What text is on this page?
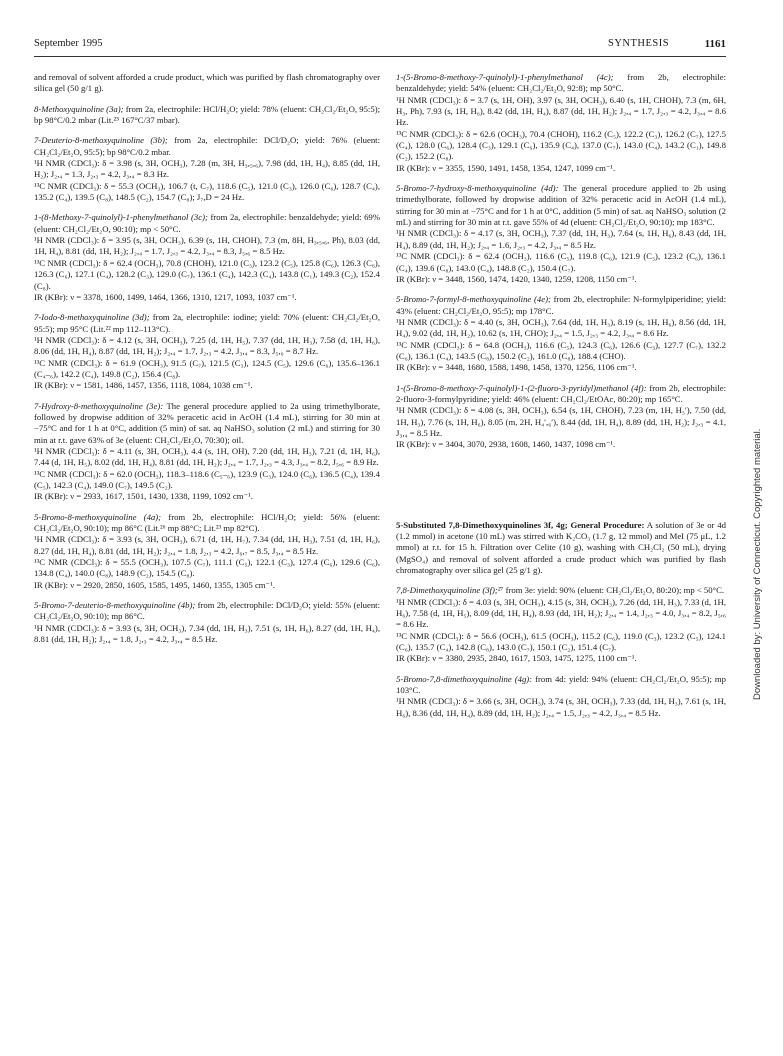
September 1995	SYNTHESIS	1161

and removal of solvent afforded a crude product, which was purified by flash chromatography over silica gel (50 g/1 g).

8-Methoxyquinoline (3a); from 2a, electrophile: HCl/H₂O; yield: 78% (eluent: CH₂Cl₂/Et₂O, 95:5); bp 98°C/0.2 mbar (Lit.²⁵ 167°C/37 mbar).

7-Deuterio-8-methoxyquinoline (3b); from 2a, electrophile: DCl/D₂O; yield: 76% (eluent: CH₂Cl₂/Et₂O, 95:5); bp 98°C/0.2 mbar.

¹H NMR (CDCl₃): δ = 3.98 (s, 3H, OCH₃), 7.28 (m, 3H, H₃,₅,₆), 7.98 (dd, 1H, H₄), 8.85 (dd, 1H, H₂); J₂,₄ = 1.3, J₂,₃ = 4.2, J₃,₄ = 8.3 Hz.

¹³C NMR (CDCl₃): δ = 55.3 (OCH₃), 106.7 (t, C₇), 118.6 (C₅), 121.0 (C₃), 126.0 (C₆), 128.7 (C₄), 135.2 (C₄), 139.5 (C₈), 148.5 (C₂), 154.7 (C₈); J₇,D = 24 Hz.

1-(8-Methoxy-7-quinolyl)-1-phenylmethanol (3c); from 2a, electrophile: benzaldehyde; yield: 69% (eluent: CH₂Cl₂/Et₂O, 90:10); mp < 50°C.

¹H NMR (CDCl₃): δ = 3.95 (s, 3H, OCH₃), 6.39 (s, 1H, CHOH), 7.3 (m, 8H, H₃,₅,₆, Ph), 8.03 (dd, 1H, H₄), 8.81 (dd, 1H, H₂); J₂,₄ = 1.7, J₂,₃ = 4.2, J₃,₄ = 8.3, J₅,₆ = 8.5 Hz.

¹³C NMR (CDCl₃): δ = 62.4 (OCH₃), 70.8 (CHOH), 121.0 (C₃), 123.2 (C₅), 125.8 (C₆), 126.3 (C₆), 126.3 (C₆), 127.1 (C₄), 128.2 (C₃), 129.0 (C₇), 136.1 (C₄), 142.3 (C₄), 143.8 (C₁), 149.3 (C₂), 152.4 (C₈).

IR (KBr): ν = 3378, 1600, 1499, 1464, 1366, 1310, 1217, 1093, 1037 cm⁻¹.

7-Iodo-8-methoxyquinoline (3d); from 2a, electrophile: iodine; yield: 70% (eluent: CH₂Cl₂/Et₂O, 95:5); mp 95°C (Lit.²² mp 112–113°C).

¹H NMR (CDCl₃): δ = 4.12 (s, 3H, OCH₃), 7.25 (d, 1H, H₅), 7.37 (dd, 1H, H₃), 7.58 (d, 1H, H₆), 8.06 (dd, 1H, H₄), 8.87 (dd, 1H, H₂); J₂,₄ = 1.7, J₂,₃ = 4.2, J₃,₄ = 8.3, J₅,₆ = 8.7 Hz.

¹³C NMR (CDCl₃): δ = 61.9 (OCH₃), 91.5 (C₇), 121.5 (C₃), 124.5 (C₅), 129.6 (C₆), 135.6–136.1 (C₄–₆), 142.2 (C₄), 149.8 (C₂), 156.4 (C₈).

IR (KBr): ν = 1581, 1486, 1457, 1356, 1118, 1084, 1038 cm⁻¹.

7-Hydroxy-8-methoxyquinoline (3e): The general procedure applied to 2a using trimethylborate, followed by dropwise addition of 32% peracetic acid in AcOH (1.4 mL), stirring for 30 min at −75°C and for 1 h at 0°C, addition (5 min) of sat. aq NaHSO₃ solution (2 mL) and stirring for 30 min at r.t. gave 63% of 3e (eluent: CH₂Cl₂/Et₂O, 70:30); oil.

¹H NMR (CDCl₃): δ = 4.11 (s, 3H, OCH₃), 4.4 (s, 1H, OH), 7.20 (dd, 1H, H₃), 7.21 (d, 1H, H₆), 7.44 (d, 1H, H₅), 8.02 (dd, 1H, H₄), 8.81 (dd, 1H, H₂); J₂,₄ = 1.7, J₂,₃ = 4.3, J₃,₄ = 8.2, J₅,₆ = 8.9 Hz.

¹³C NMR (CDCl₃): δ = 62.0 (OCH₃), 118.3–118.6 (C₅–₆), 123.9 (C₃), 124.0 (C₆), 136.5 (C₄), 139.4 (C₅), 142.3 (C₄), 149.0 (C₇), 149.5 (C₂).

IR (KBr): ν = 2933, 1617, 1501, 1430, 1338, 1199, 1092 cm⁻¹.

5-Bromo-8-methoxyquinoline (4a); from 2b, electrophile: HCl/H₂O; yield: 56% (eluent: CH₂Cl₂/Et₂O, 90:10); mp 86°C (Lit.²⁶ mp 88°C; Lit.²³ mp 82°C).

¹H NMR (CDCl₃): δ = 3.93 (s, 3H, OCH₃), 6.71 (d, 1H, H₇), 7.34 (dd, 1H, H₃), 7.51 (d, 1H, H₆), 8.27 (dd, 1H, H₄), 8.81 (dd, 1H, H₂); J₂,₄ = 1.8, J₂,₃ = 4.2, J₆,₇ = 8.5, J₃,₄ = 8.5 Hz.

¹³C NMR (CDCl₃): δ = 55.5 (OCH₃), 107.5 (C₇), 111.1 (C₅), 122.1 (C₃), 127.4 (C₆), 129.6 (C₆), 134.8 (C₄), 140.0 (C₈), 148.9 (C₂), 154.5 (C₈).

IR (KBr): ν = 2920, 2850, 1605, 1585, 1495, 1460, 1355, 1305 cm⁻¹.

5-Bromo-7-deuterio-8-methoxyquinoline (4b); from 2b, electrophile: DCl/D₂O; yield: 55% (eluent: CH₂Cl₂/Et₂O, 90:10); mp 86°C.

¹H NMR (CDCl₃): δ = 3.93 (s, 3H, OCH₃), 7.34 (dd, 1H, H₃), 7.51 (s, 1H, H₆), 8.27 (dd, 1H, H₄), 8.81 (dd, 1H, H₂); J₂,₄ = 1.8, J₂,₃ = 4.2, J₃,₄ = 8.5 Hz.

1-(5-Bromo-8-methoxy-7-quinolyl)-1-phenylmethanol (4c); from 2b, electrophile: benzaldehyde; yield: 54% (eluent: CH₂Cl₂/Et₂O, 92:8); mp 50°C.

¹H NMR (CDCl₃): δ = 3.7 (s, 1H, OH), 3.97 (s, 3H, OCH₃), 6.40 (s, 1H, CHOH), 7.3 (m, 6H, H₃, Ph), 7.93 (s, 1H, H₆), 8.42 (dd, 1H, H₄), 8.87 (dd, 1H, H₂); J₂,₄ = 1.7, J₂,₃ = 4.2, J₃,₄ = 8.6 Hz.

¹³C NMR (CDCl₃): δ = 62.6 (OCH₃), 70.4 (CHOH), 116.2 (C₅), 122.2 (C₃), 126.2 (C₇), 127.5 (C₄), 128.0 (C₆), 128.4 (C₃), 129.1 (C₆), 135.9 (C₄), 137.0 (C₇), 143.0 (C₄), 143.2 (C₁), 149.8 (C₂), 152.2 (C₈).

IR (KBr): ν = 3355, 1590, 1491, 1458, 1354, 1247, 1099 cm⁻¹.

5-Bromo-7-hydroxy-8-methoxyquinoline (4d): The general procedure applied to 2b using trimethylborate, followed by dropwise addition of 32% peracetic acid in AcOH (1.4 mL), stirring for 30 min at −75°C and for 1 h at 0°C, addition (5 min) of sat. aq NaHSO₃ solution (2 mL) and stirring for 30 min at r.t. gave 55% of 4d (eluent: CH₂Cl₂/Et₂O, 90:10); mp 183°C.

¹H NMR (CDCl₃): δ = 4.17 (s, 3H, OCH₃), 7.37 (dd, 1H, H₃), 7.64 (s, 1H, H₆), 8.43 (dd, 1H, H₄), 8.89 (dd, 1H, H₂); J₂,₄ = 1.6, J₂,₃ = 4.2, J₃,₄ = 8.5 Hz.

¹³C NMR (CDCl₃): δ = 62.4 (OCH₃), 116.6 (C₅), 119.8 (C₆), 121.9 (C₃), 123.2 (C₆), 136.1 (C₄), 139.6 (C₈), 143.0 (C₄), 148.8 (C₂), 150.4 (C₇).

IR (KBr): ν = 3448, 1560, 1474, 1420, 1340, 1259, 1208, 1150 cm⁻¹.

5-Bromo-7-formyl-8-methoxyquinoline (4e); from 2b, electrophile: N-formylpiperidine; yield: 43% (eluent: CH₂Cl₂/Et₂O, 95:5); mp 178°C.

¹H NMR (CDCl₃): δ = 4.40 (s, 3H, OCH₃), 7.64 (dd, 1H, H₃), 8.19 (s, 1H, H₆), 8.56 (dd, 1H, H₄), 9.02 (dd, 1H, H₂), 10.62 (s, 1H, CHO); J₂,₄ = 1.5, J₂,₃ = 4.2, J₃,₄ = 8.6 Hz.

¹³C NMR (CDCl₃): δ = 64.8 (OCH₃), 116.6 (C₅), 124.3 (C₆), 126.6 (C₃), 127.7 (C₇), 132.2 (C₆), 136.1 (C₄), 143.5 (C₈), 150.2 (C₂), 161.0 (C₈), 188.4 (CHO).

IR (KBr): ν = 3448, 1680, 1588, 1498, 1458, 1370, 1256, 1106 cm⁻¹.

1-(5-Bromo-8-methoxy-7-quinolyl)-1-(2-fluoro-3-pyridyl)methanol (4f): from 2b, electrophile: 2-fluoro-3-formylpyridine; yield: 46% (eluent: CH₂Cl₂/EtOAc, 80:20); mp 165°C.

¹H NMR (CDCl₃): δ = 4.08 (s, 3H, OCH₃), 6.54 (s, 1H, CHOH), 7.23 (m, 1H, H₅′), 7.50 (dd, 1H, H₃), 7.76 (s, 1H, H₆), 8.05 (m, 2H, H₄′,₆′), 8.44 (dd, 1H, H₄), 8.89 (dd, 1H, H₂); J₂,₃ = 4.1, J₃,₄ = 8.5 Hz.

IR (KBr): ν = 3404, 3070, 2938, 1608, 1460, 1437, 1098 cm⁻¹.

5-Substituted 7,8-Dimethoxyquinolines 3f, 4g; General Procedure: A solution of 3e or 4d (1.2 mmol) in acetone (10 mL) was stirred with K₂CO₃ (1.7 g, 12 mmol) and MeI (75 μL, 1.2 mmol) at r.t. for 15 h. Filtration over Celite (10 g), washing with CH₂Cl₂ (50 mL), drying (MgSO₄) and removal of solvent afforded a crude product which was purified by flash chromatography over silica gel (25 g/1 g).

7,8-Dimethoxyquinoline (3f);²⁷ from 3e: yield: 90% (eluent: CH₂Cl₂/Et₂O, 80:20); mp < 50°C.

¹H NMR (CDCl₃): δ = 4.03 (s, 3H, OCH₃), 4.15 (s, 3H, OCH₃), 7.26 (dd, 1H, H₃), 7.33 (d, 1H, H₆), 7.58 (d, 1H, H₅), 8.09 (dd, 1H, H₄), 8.93 (dd, 1H, H₂); J₂,₄ = 1.4, J₂,₃ = 4.0, J₃,₄ = 8.2, J₅,₆ = 8.6 Hz.

¹³C NMR (CDCl₃): δ = 56.6 (OCH₃), 61.5 (OCH₃), 115.2 (C₆), 119.0 (C₃), 123.2 (C₅), 124.1 (C₆), 135.7 (C₄), 142.8 (C₈), 143.0 (C₇), 150.1 (C₂), 151.4 (C₇).

IR (KBr): ν = 3380, 2935, 2840, 1617, 1503, 1475, 1275, 1100 cm⁻¹.

5-Bromo-7,8-dimethoxyquinoline (4g): from 4d: yield: 94% (eluent: CH₂Cl₂/Et₂O, 95:5); mp 103°C.

¹H NMR (CDCl₃): δ = 3.66 (s, 3H, OCH₃), 3.74 (s, 3H, OCH₃), 7.33 (dd, 1H, H₃), 7.61 (s, 1H, H₆), 8.36 (dd, 1H, H₄), 8.89 (dd, 1H, H₂); J₂,₄ = 1.5, J₂,₃ = 4.2, J₃,₄ = 8.5 Hz.

Downloaded by: University of Connecticut. Copyrighted material.
